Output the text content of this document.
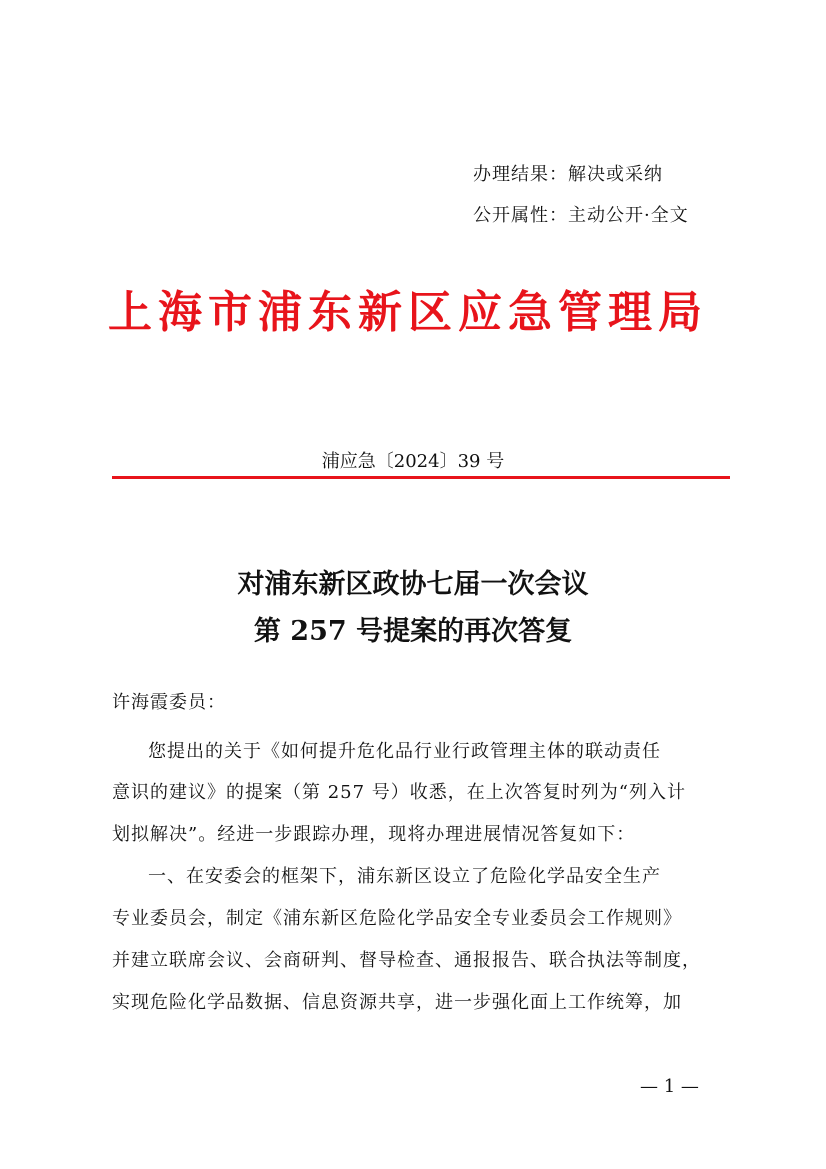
办理结果：解决或采纳
公开属性：主动公开·全文
上海市浦东新区应急管理局
浦应急〔2024〕39 号
对浦东新区政协七届一次会议
第 257 号提案的再次答复
许海霞委员：
您提出的关于《如何提升危化品行业行政管理主体的联动责任
意识的建议》的提案（第 257 号）收悉，在上次答复时列为“列入计
划拟解决”。经进一步跟踪办理，现将办理进展情况答复如下：
一、在安委会的框架下，浦东新区设立了危险化学品安全生产
专业委员会，制定《浦东新区危险化学品安全专业委员会工作规则》
并建立联席会议、会商研判、督导检查、通报报告、联合执法等制度，
实现危险化学品数据、信息资源共享，进一步强化面上工作统筹，加
— 1 —
